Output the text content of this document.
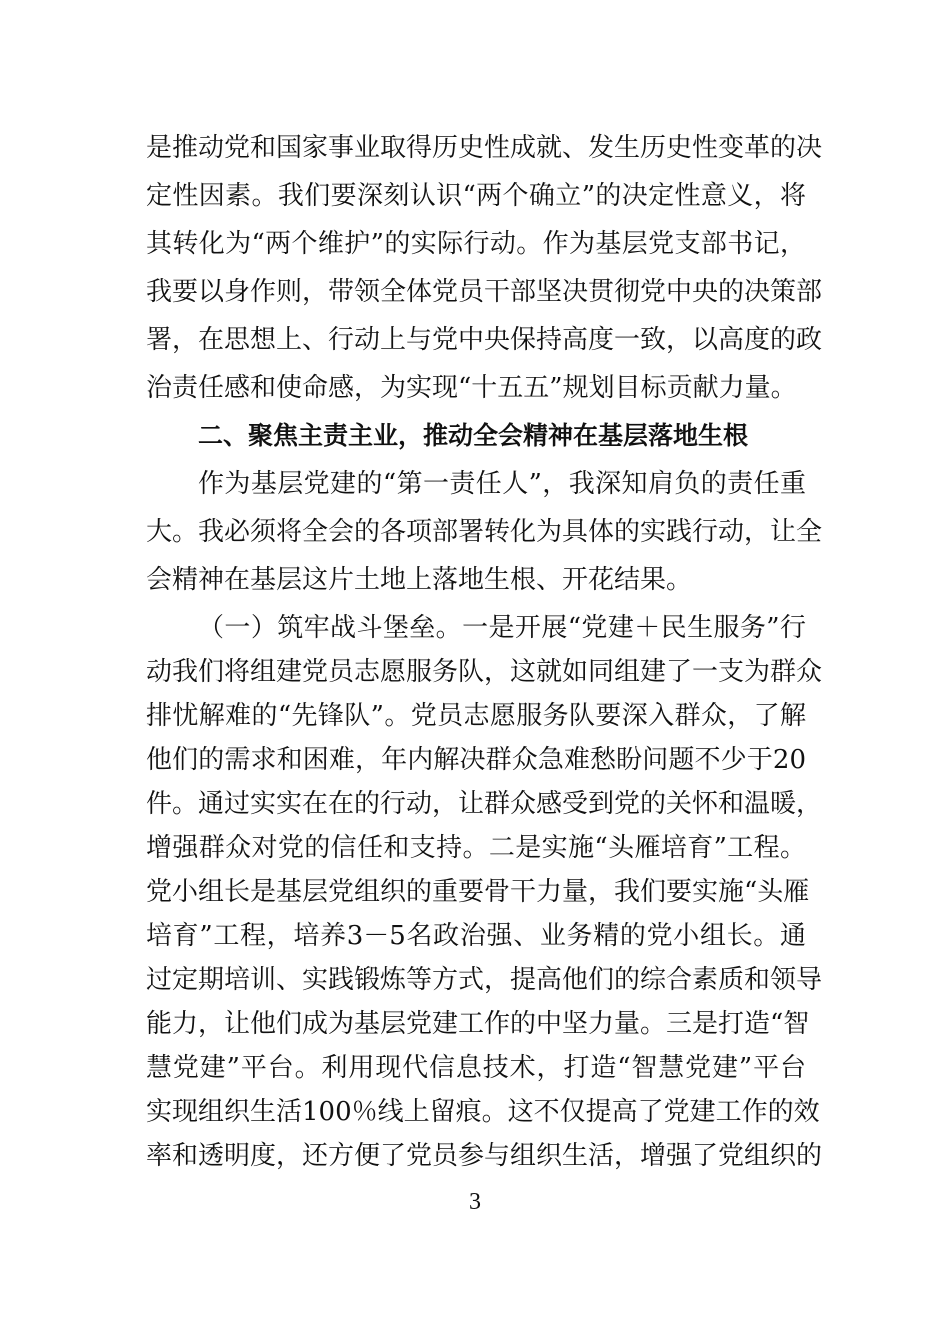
是推动党和国家事业取得历史性成就、发生历史性变革的决
定性因素。我们要深刻认识“两个确立”的决定性意义，将
其转化为“两个维护”的实际行动。作为基层党支部书记，
我要以身作则，带领全体党员干部坚决贯彻党中央的决策部
署，在思想上、行动上与党中央保持高度一致，以高度的政
治责任感和使命感，为实现“十五五”规划目标贡献力量。
二、聚焦主责主业，推动全会精神在基层落地生根
作为基层党建的“第一责任人”，我深知肩负的责任重
大。我必须将全会的各项部署转化为具体的实践行动，让全
会精神在基层这片土地上落地生根、开花结果。
（一）筑牢战斗堡垒。一是开展“党建＋民生服务”行
动我们将组建党员志愿服务队，这就如同组建了一支为群众
排忧解难的“先锋队”。党员志愿服务队要深入群众，了解
他们的需求和困难，年内解决群众急难愁盼问题不少于20
件。通过实实在在的行动，让群众感受到党的关怀和温暖，
增强群众对党的信任和支持。二是实施“头雁培育”工程。
党小组长是基层党组织的重要骨干力量，我们要实施“头雁
培育”工程，培养3－5名政治强、业务精的党小组长。通
过定期培训、实践锻炼等方式，提高他们的综合素质和领导
能力，让他们成为基层党建工作的中坚力量。三是打造“智
慧党建”平台。利用现代信息技术，打造“智慧党建”平台
实现组织生活100％线上留痕。这不仅提高了党建工作的效
率和透明度，还方便了党员参与组织生活，增强了党组织的
3
